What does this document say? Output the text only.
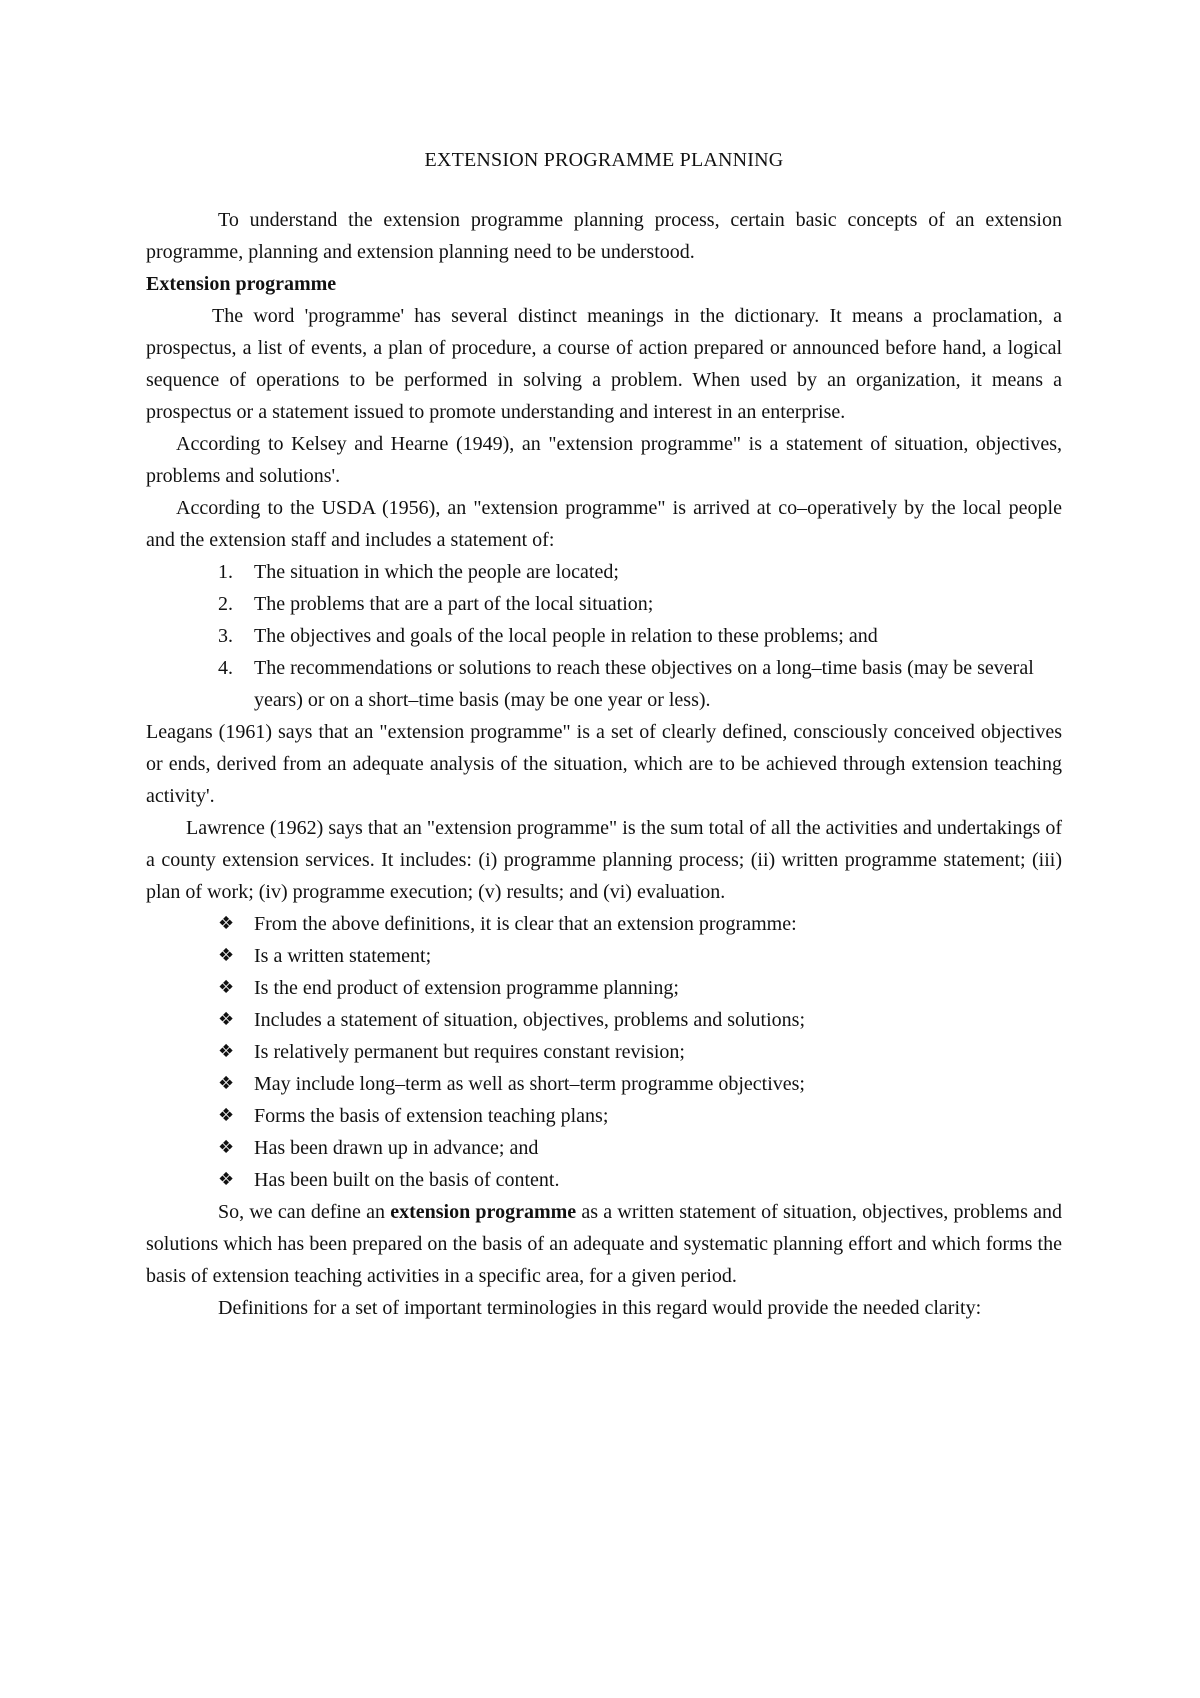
EXTENSION PROGRAMME PLANNING

To understand the extension programme planning process, certain basic concepts of an extension programme, planning and extension planning need to be understood.

Extension programme

The word 'programme' has several distinct meanings in the dictionary. It means a proclamation, a prospectus, a list of events, a plan of procedure, a course of action prepared or announced before hand, a logical sequence of operations to be performed in solving a problem. When used by an organization, it means a prospectus or a statement issued to promote understanding and interest in an enterprise.

According to Kelsey and Hearne (1949), an "extension programme" is a statement of situation, objectives, problems and solutions'.

According to the USDA (1956), an "extension programme" is arrived at co–operatively by the local people and the extension staff and includes a statement of:

1. The situation in which the people are located;
2. The problems that are a part of the local situation;
3. The objectives and goals of the local people in relation to these problems; and
4. The recommendations or solutions to reach these objectives on a long–time basis (may be several years) or on a short–time basis (may be one year or less).

Leagans (1961) says that an "extension programme" is a set of clearly defined, consciously conceived objectives or ends, derived from an adequate analysis of the situation, which are to be achieved through extension teaching activity'.

Lawrence (1962) says that an "extension programme" is the sum total of all the activities and undertakings of a county extension services. It includes: (i) programme planning process; (ii) written programme statement; (iii) plan of work; (iv) programme execution; (v) results; and (vi) evaluation.

❖ From the above definitions, it is clear that an extension programme:
❖ Is a written statement;
❖ Is the end product of extension programme planning;
❖ Includes a statement of situation, objectives, problems and solutions;
❖ Is relatively permanent but requires constant revision;
❖ May include long–term as well as short–term programme objectives;
❖ Forms the basis of extension teaching plans;
❖ Has been drawn up in advance; and
❖ Has been built on the basis of content.

So, we can define an extension programme as a written statement of situation, objectives, problems and solutions which has been prepared on the basis of an adequate and systematic planning effort and which forms the basis of extension teaching activities in a specific area, for a given period.

Definitions for a set of important terminologies in this regard would provide the needed clarity:
